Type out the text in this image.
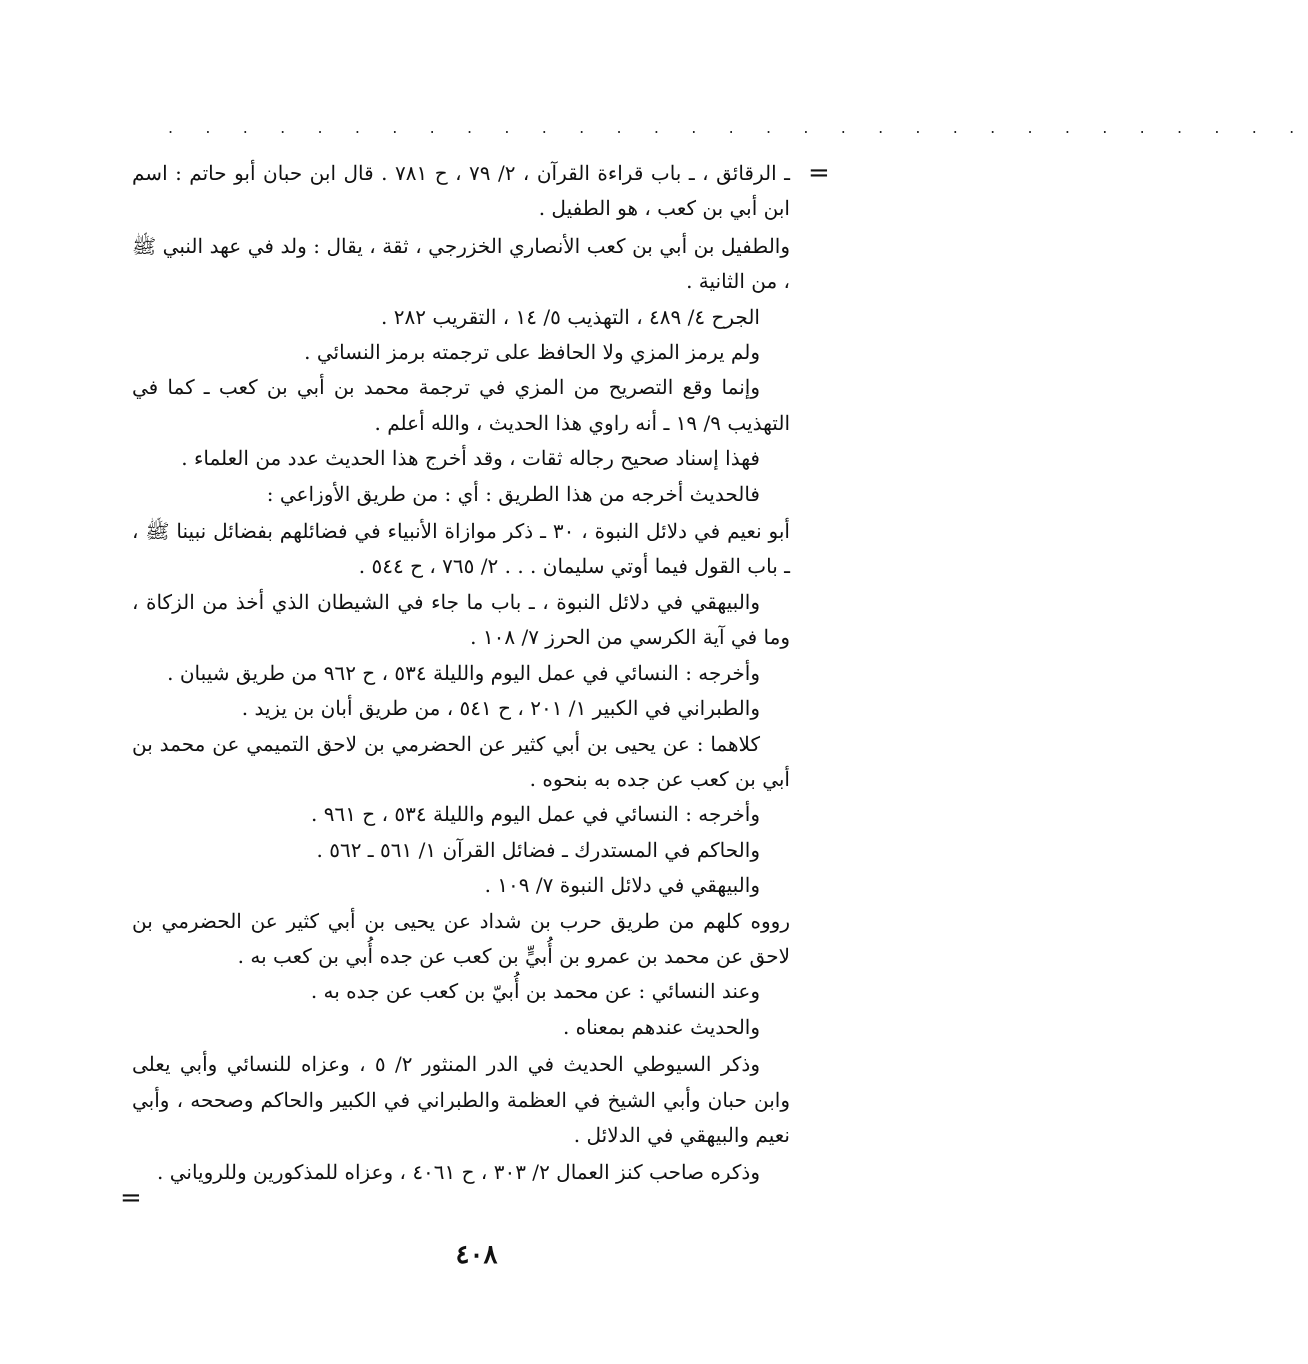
. . . . . . . . . . . . . . . . . . . . . . . . . . . . . . .
=

ـ الرقائق ، ـ باب قراءة القرآن ، ٢/ ٧٩ ، ح ٧٨١ . قال ابن حبان أبو حاتم : اسم ابن أبي بن كعب ، هو الطفيل .

والطفيل بن أبي بن كعب الأنصاري الخزرجي ، ثقة ، يقال : ولد في عهد النبي ﷺ ، من الثانية .

الجرح ٤/ ٤٨٩ ، التهذيب ٥/ ١٤ ، التقريب ٢٨٢ .

ولم يرمز المزي ولا الحافظ على ترجمته برمز النسائي .

وإنما وقع التصريح من المزي في ترجمة محمد بن أبي بن كعب ـ كما في التهذيب ٩/ ١٩ ـ أنه راوي هذا الحديث ، والله أعلم .

فهذا إسناد صحيح رجاله ثقات ، وقد أخرج هذا الحديث عدد من العلماء .

فالحديث أخرجه من هذا الطريق : أي : من طريق الأوزاعي :

أبو نعيم في دلائل النبوة ، ٣٠ ـ ذكر موازاة الأنبياء في فضائلهم بفضائل نبينا ﷺ ، ـ باب القول فيما أوتي سليمان . . . ٢/ ٧٦٥ ، ح ٥٤٤ .

والبيهقي في دلائل النبوة ، ـ باب ما جاء في الشيطان الذي أخذ من الزكاة ، وما في آية الكرسي من الحرز ٧/ ١٠٨ .

وأخرجه : النسائي في عمل اليوم والليلة ٥٣٤ ، ح ٩٦٢ من طريق شيبان .

والطبراني في الكبير ١/ ٢٠١ ، ح ٥٤١ ، من طريق أبان بن يزيد .

كلاهما : عن يحيى بن أبي كثير عن الحضرمي بن لاحق التميمي عن محمد بن أبي بن كعب عن جده به بنحوه .

وأخرجه : النسائي في عمل اليوم والليلة ٥٣٤ ، ح ٩٦١ .

والحاكم في المستدرك ـ فضائل القرآن ١/ ٥٦١ ـ ٥٦٢ .

والبيهقي في دلائل النبوة ٧/ ١٠٩ .

رووه كلهم من طريق حرب بن شداد عن يحيى بن أبي كثير عن الحضرمي بن لاحق عن محمد بن عمرو بن أُبيٍّ بن كعب عن جده أُبي بن كعب به .

وعند النسائي : عن محمد بن أُبيّ بن كعب عن جده به .

والحديث عندهم بمعناه .

وذكر السيوطي الحديث في الدر المنثور ٢/ ٥ ، وعزاه للنسائي وأبي يعلى وابن حبان وأبي الشيخ في العظمة والطبراني في الكبير والحاكم وصححه ، وأبي نعيم والبيهقي في الدلائل .

وذكره صاحب كنز العمال ٢/ ٣٠٣ ، ح ٤٠٦١ ، وعزاه للمذكورين وللروياني .

=
٤٠٨
